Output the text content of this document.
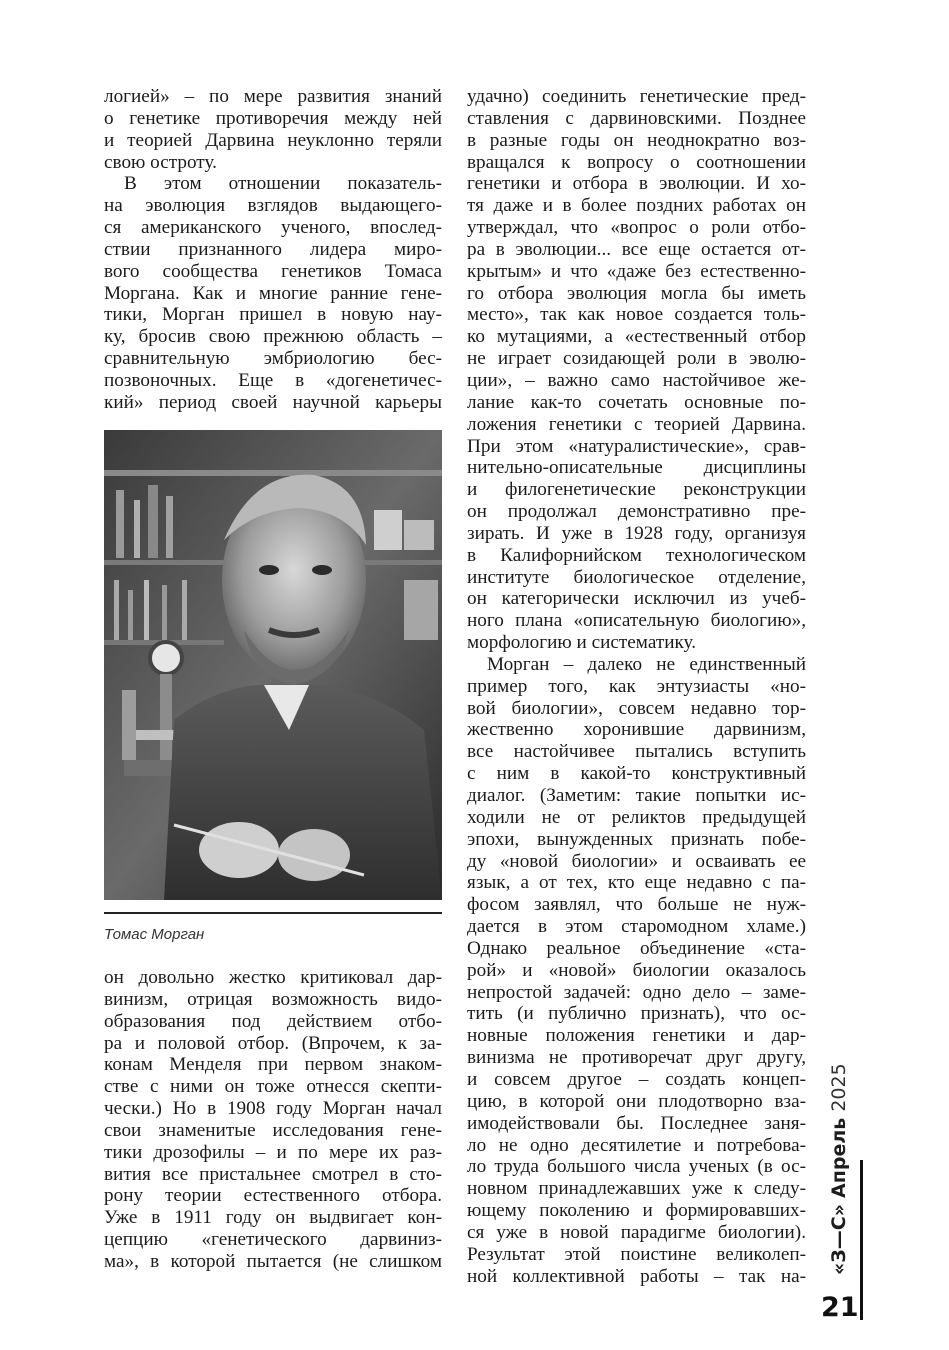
логией» – по мере развития знаний
о генетике противоречия между ней
и теорией Дарвина неуклонно теряли
свою остроту.
В этом отношении показатель-
на эволюция взглядов выдающегo-
ся американского ученого, впослед-
ствии признанного лидера миро-
вого сообщества генетиков Томаса
Моргана. Как и многие ранние гене-
тики, Морган пришел в новую нау-
ку, бросив свою прежнюю область –
сравнительную эмбриологию бес-
позвоночных. Еще в «догенетичес-
кий» период своей научной карьеры
Томас Морган
он довольно жестко критиковал дар-
винизм, отрицая возможность видо-
образования под действием отбо-
ра и половой отбор. (Впрочем, к за-
конам Менделя при первом знаком-
стве с ними он тоже отнесся скепти-
чески.) Но в 1908 году Морган начал
свои знаменитые исследования гене-
тики дрозофилы – и по мере их раз-
вития все пристальнее смотрел в сто-
рону теории естественного отбора.
Уже в 1911 году он выдвигает кон-
цепцию «генетического дарвиниз-
ма», в которой пытается (не слишком
удачно) соединить генетические пред-
ставления с дарвиновскими. Позднее
в разные годы он неоднократно воз-
вращался к вопросу о соотношении
генетики и отбора в эволюции. И хо-
тя даже и в более поздних работах он
утверждал, что «вопрос о роли отбо-
ра в эволюции... все еще остается от-
крытым» и что «даже без естественно-
го отбора эволюция могла бы иметь
место», так как новое создается толь-
ко мутациями, а «естественный отбор
не играет созидающей роли в эволю-
ции», – важно само настойчивое же-
лание как-то сочетать основные по-
ложения генетики с теорией Дарвина.
При этом «натуралистические», срав-
нительно-описательные дисциплины
и филогенетические реконструкции
он продолжал демонстративно пре-
зирать. И уже в 1928 году, организуя
в Калифорнийском технологическом
институте биологическое отделение,
он категорически исключил из учеб-
ного плана «описательную биологию»,
морфологию и систематику.
Морган – далеко не единственный
пример того, как энтузиасты «но-
вой биологии», совсем недавно тор-
жественно хоронившие дарвинизм,
все настойчивее пытались вступить
с ним в какой-то конструктивный
диалог. (Заметим: такие попытки ис-
ходили не от реликтов предыдущей
эпохи, вынужденных признать побе-
ду «новой биологии» и осваивать ее
язык, а от тех, кто еще недавно с па-
фосом заявлял, что больше не нуж-
дается в этом старомодном хламе.)
Однако реальное объединение «ста-
рой» и «новой» биологии оказалось
непростой задачей: одно дело – заме-
тить (и публично признать), что ос-
новные положения генетики и дар-
винизма не противоречат друг другу,
и совсем другое – создать концеп-
цию, в которой они плодотворно вза-
имодействовали бы. Последнее заня-
ло не одно десятилетие и потребова-
ло труда большого числа ученых (в ос-
новном принадлежавших уже к следу-
ющему поколению и формировавших-
ся уже в новой парадигме биологии).
Результат этой поистине великолеп-
ной коллективной работы – так на-
«З—С» Апрель 2025
21
